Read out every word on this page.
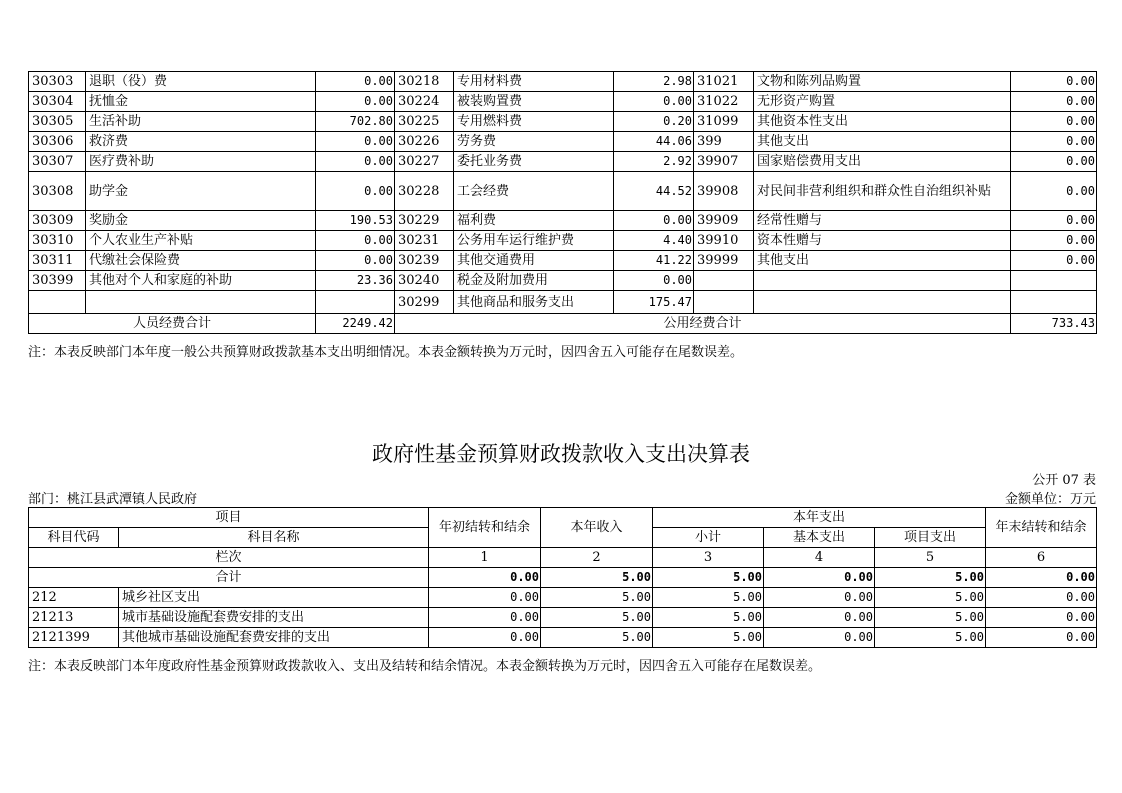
30303	退职（役）费	0.00	30218	专用材料费	2.98	31021	文物和陈列品购置	0.00
30304	抚恤金	0.00	30224	被装购置费	0.00	31022	无形资产购置	0.00
30305	生活补助	702.80	30225	专用燃料费	0.20	31099	其他资本性支出	0.00
30306	救济费	0.00	30226	劳务费	44.06	399	其他支出	0.00
30307	医疗费补助	0.00	30227	委托业务费	2.92	39907	国家赔偿费用支出	0.00
30308	助学金	0.00	30228	工会经费	44.52	39908	对民间非营利组织和群众性自治组织补贴	0.00
30309	奖励金	190.53	30229	福利费	0.00	39909	经常性赠与	0.00
30310	个人农业生产补贴	0.00	30231	公务用车运行维护费	4.40	39910	资本性赠与	0.00
30311	代缴社会保险费	0.00	30239	其他交通费用	41.22	39999	其他支出	0.00
30399	其他对个人和家庭的补助	23.36	30240	税金及附加费用	0.00			
			30299	其他商品和服务支出	175.47			
人员经费合计		2249.42	公用经费合计					733.43
注：本表反映部门本年度一般公共预算财政拨款基本支出明细情况。本表金额转换为万元时，因四舍五入可能存在尾数误差。
政府性基金预算财政拨款收入支出决算表
公开 07 表
部门：桃江县武潭镇人民政府	金额单位：万元
项目		年初结转和结余	本年收入	本年支出			年末结转和结余
科目代码	科目名称			小计	基本支出	项目支出	
栏次		1	2	3	4	5	6
合计		0.00	5.00	5.00	0.00	5.00	0.00
212	城乡社区支出	0.00	5.00	5.00	0.00	5.00	0.00
21213	城市基础设施配套费安排的支出	0.00	5.00	5.00	0.00	5.00	0.00
2121399	其他城市基础设施配套费安排的支出	0.00	5.00	5.00	0.00	5.00	0.00
注：本表反映部门本年度政府性基金预算财政拨款收入、支出及结转和结余情况。本表金额转换为万元时，因四舍五入可能存在尾数误差。
